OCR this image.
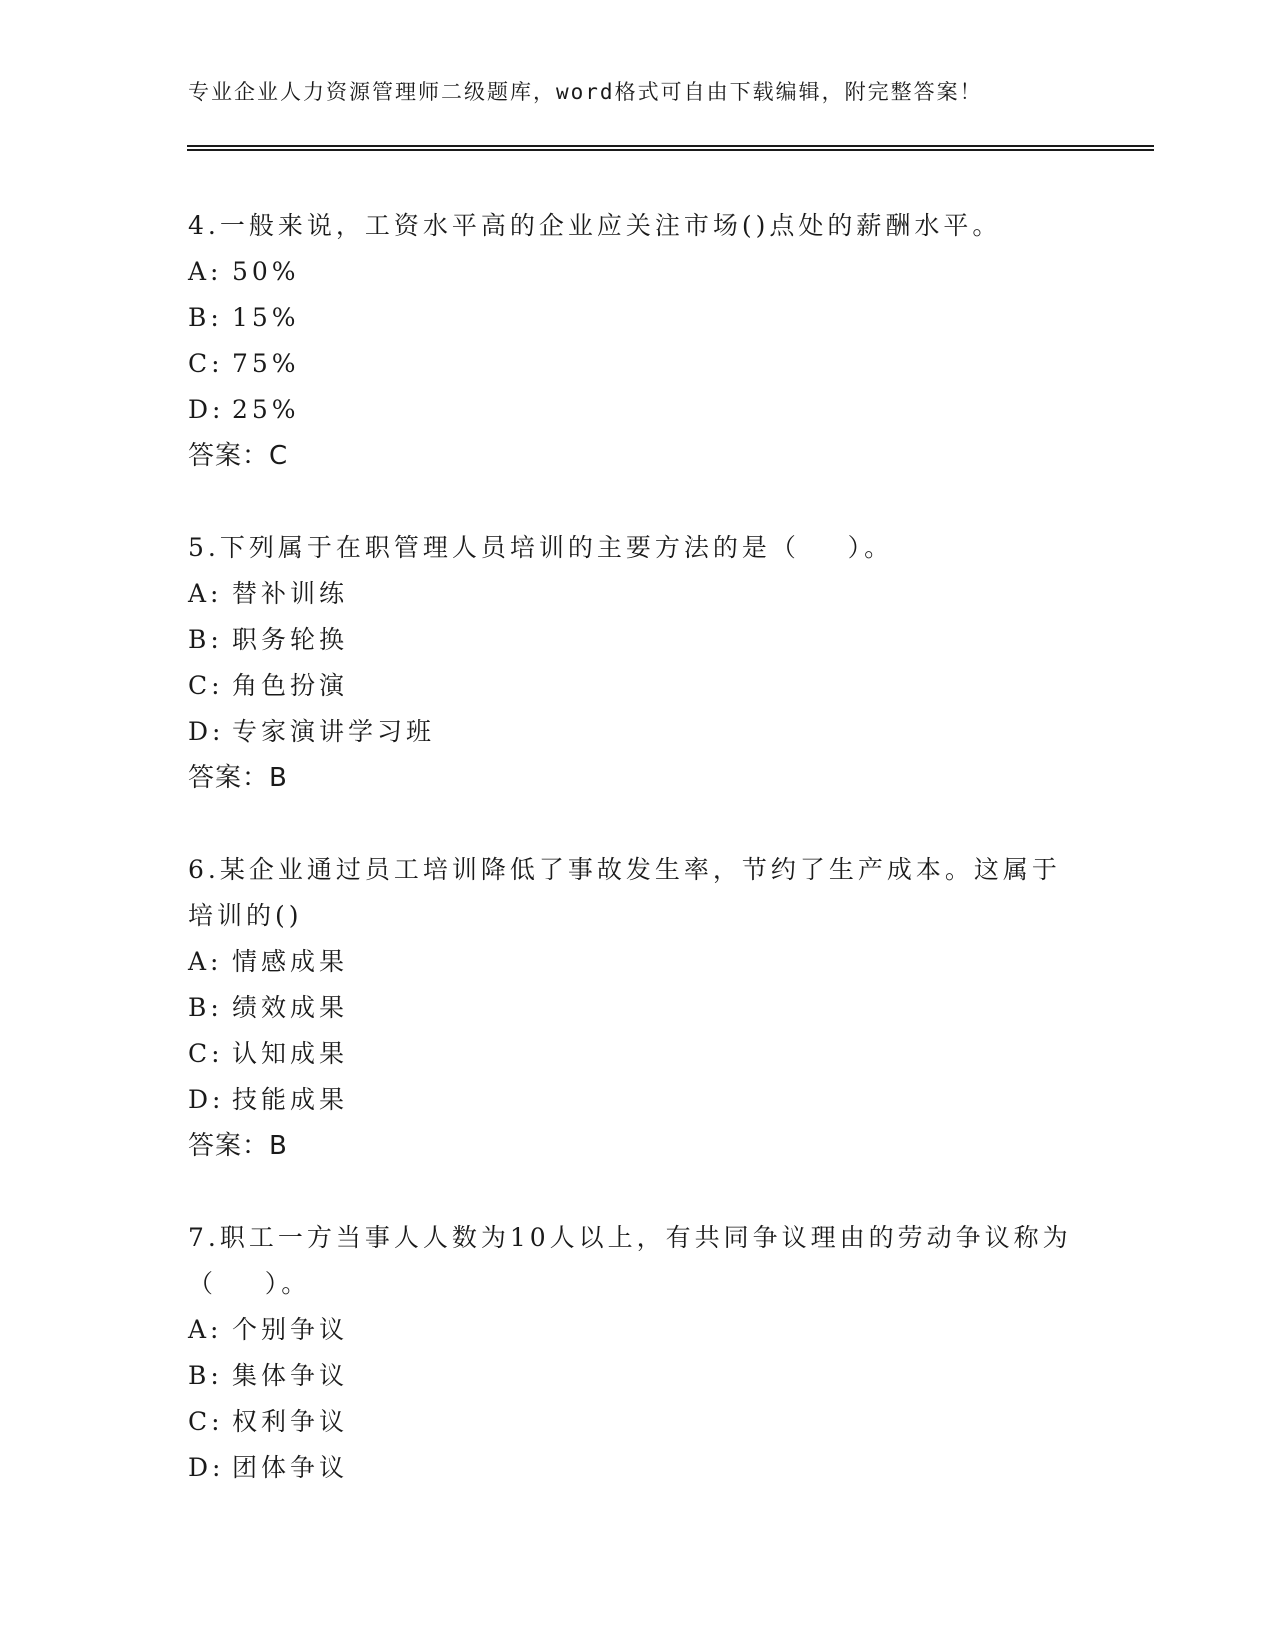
专业企业人力资源管理师二级题库，word格式可自由下载编辑，附完整答案！
4.一般来说，工资水平高的企业应关注市场()点处的薪酬水平。
A: 50%
B: 15%
C: 75%
D: 25%
答案：C
5.下列属于在职管理人员培训的主要方法的是（    ）。
A: 替补训练
B: 职务轮换
C: 角色扮演
D: 专家演讲学习班
答案：B
6.某企业通过员工培训降低了事故发生率，节约了生产成本。这属于
培训的()
A: 情感成果
B: 绩效成果
C: 认知成果
D: 技能成果
答案：B
7.职工一方当事人人数为10人以上，有共同争议理由的劳动争议称为
（    ）。
A: 个别争议
B: 集体争议
C: 权利争议
D: 团体争议
